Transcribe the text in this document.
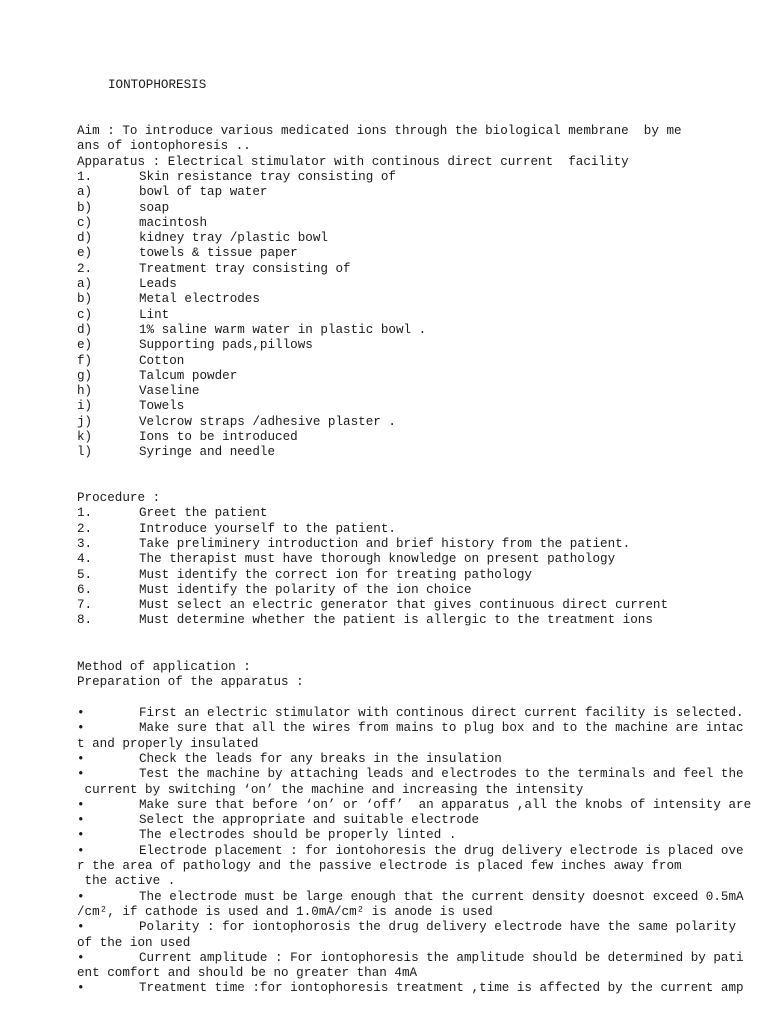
IONTOPHORESIS
Aim : To introduce various medicated ions through the biological membrane  by me
ans of iontophoresis ..
Apparatus : Electrical stimulator with continous direct current  facility
1.	Skin resistance tray consisting of
a)	bowl of tap water
b)	soap
c)	macintosh
d)	kidney tray /plastic bowl
e)	towels & tissue paper
2.	Treatment tray consisting of
a)	Leads
b)	Metal electrodes
c)	Lint
d)	1% saline warm water in plastic bowl .
e)	Supporting pads,pillows
f)	Cotton
g)	Talcum powder
h)	Vaseline
i)	Towels
j)	Velcrow straps /adhesive plaster .
k)	Ions to be introduced
l)	Syringe and needle
Procedure :
1.	Greet the patient
2.	Introduce yourself to the patient.
3.	Take preliminery introduction and brief history from the patient.
4.	The therapist must have thorough knowledge on present pathology
5.	Must identify the correct ion for treating pathology
6.	Must identify the polarity of the ion choice
7.	Must select an electric generator that gives continuous direct current
8.	Must determine whether the patient is allergic to the treatment ions
Method of application :
Preparation of the apparatus :
•	First an electric stimulator with continous direct current facility is selected.
•	Make sure that all the wires from mains to plug box and to the machine are intac
t and properly insulated
•	Check the leads for any breaks in the insulation
•	Test the machine by attaching leads and electrodes to the terminals and feel the
current by switching ‘on’ the machine and increasing the intensity
•	Make sure that before ‘on’ or ‘off’  an apparatus ,all the knobs of intensity are
•	Select the appropriate and suitable electrode
•	The electrodes should be properly linted .
•	Electrode placement : for iontohoresis the drug delivery electrode is placed ove
r the area of pathology and the passive electrode is placed few inches away from
the active .
•	The electrode must be large enough that the current density doesnot exceed 0.5mA
/cm², if cathode is used and 1.0mA/cm² is anode is used
•	Polarity : for iontophorosis the drug delivery electrode have the same polarity
of the ion used
•	Current amplitude : For iontophoresis the amplitude should be determined by pati
ent comfort and should be no greater than 4mA
•	Treatment time :for iontophoresis treatment ,time is affected by the current amp
